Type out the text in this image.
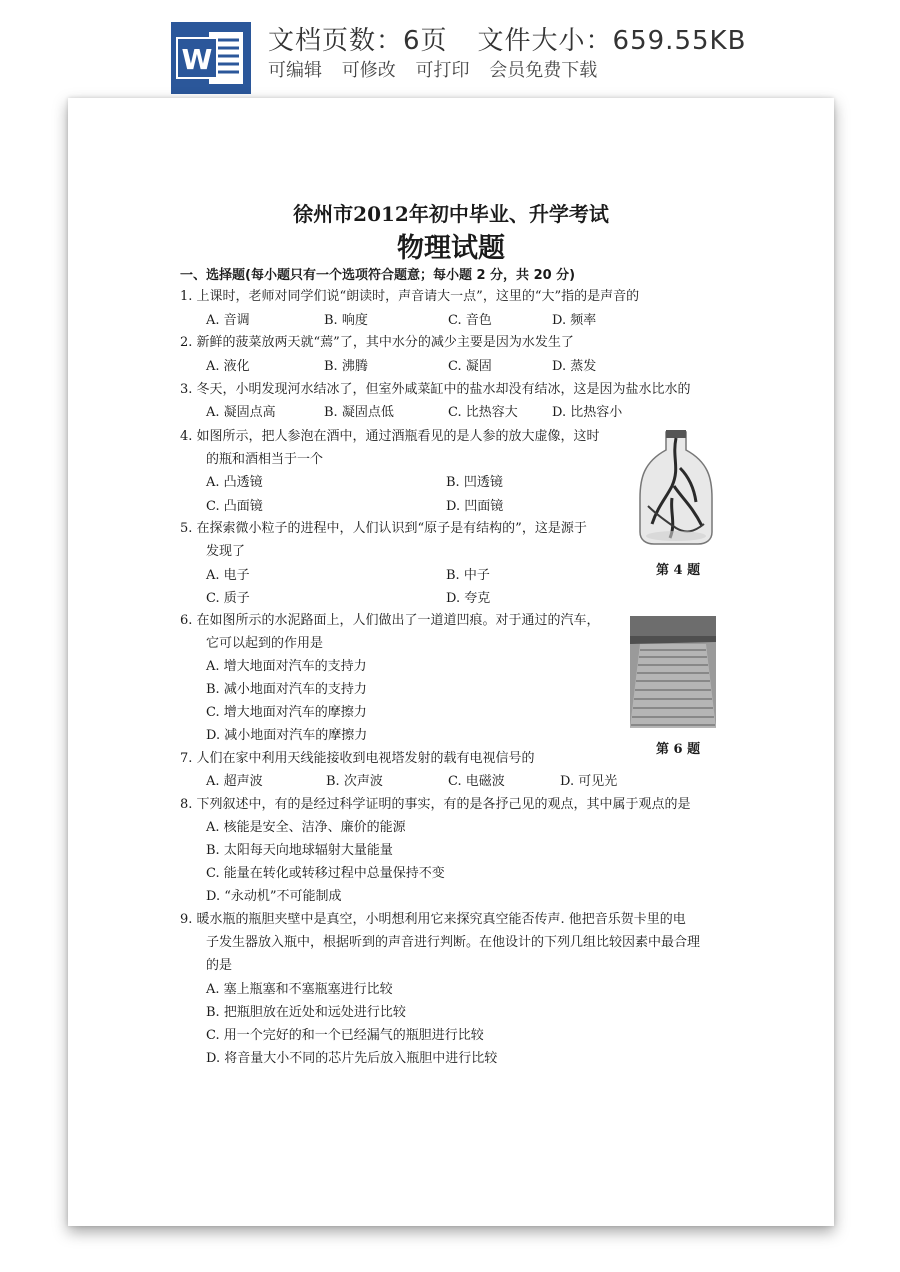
W
文档页数：6页 文件大小：659.55KB
可编辑 可修改 可打印 会员免费下载
徐州市2012年初中毕业、升学考试
物理试题
一、选择题(每小题只有一个选项符合题意；每小题 2 分，共 20 分)
1. 上课时，老师对同学们说“朗读时，声音请大一点”，这里的“大”指的是声音的
A. 音调	B. 响度	C. 音色	D. 频率
2. 新鲜的菠菜放两天就“蔫”了，其中水分的减少主要是因为水发生了
A. 液化	B. 沸腾	C. 凝固	D. 蒸发
3. 冬天，小明发现河水结冰了，但室外咸菜缸中的盐水却没有结冰，这是因为盐水比水的
A. 凝固点高	B. 凝固点低	C. 比热容大	D. 比热容小
4. 如图所示，把人参泡在酒中，通过酒瓶看见的是人参的放大虚像，这时
的瓶和酒相当于一个
A. 凸透镜	B. 凹透镜
C. 凸面镜	D. 凹面镜
5. 在探索微小粒子的进程中，人们认识到“原子是有结构的”，这是源于
发现了
A. 电子	B. 中子
C. 质子	D. 夸克
第 4 题
6. 在如图所示的水泥路面上，人们做出了一道道凹痕。对于通过的汽车，
它可以起到的作用是
A. 增大地面对汽车的支持力
B. 减小地面对汽车的支持力
C. 增大地面对汽车的摩擦力
D. 减小地面对汽车的摩擦力
第 6 题
7. 人们在家中利用天线能接收到电视塔发射的载有电视信号的
A. 超声波	B. 次声波	C. 电磁波	D. 可见光
8. 下列叙述中，有的是经过科学证明的事实，有的是各抒己见的观点，其中属于观点的是
A. 核能是安全、洁净、廉价的能源
B. 太阳每天向地球辐射大量能量
C. 能量在转化或转移过程中总量保持不变
D. “永动机”不可能制成
9. 暖水瓶的瓶胆夹壁中是真空，小明想利用它来探究真空能否传声. 他把音乐贺卡里的电
子发生器放入瓶中，根据听到的声音进行判断。在他设计的下列几组比较因素中最合理
的是
A. 塞上瓶塞和不塞瓶塞进行比较
B. 把瓶胆放在近处和远处进行比较
C. 用一个完好的和一个已经漏气的瓶胆进行比较
D. 将音量大小不同的芯片先后放入瓶胆中进行比较
